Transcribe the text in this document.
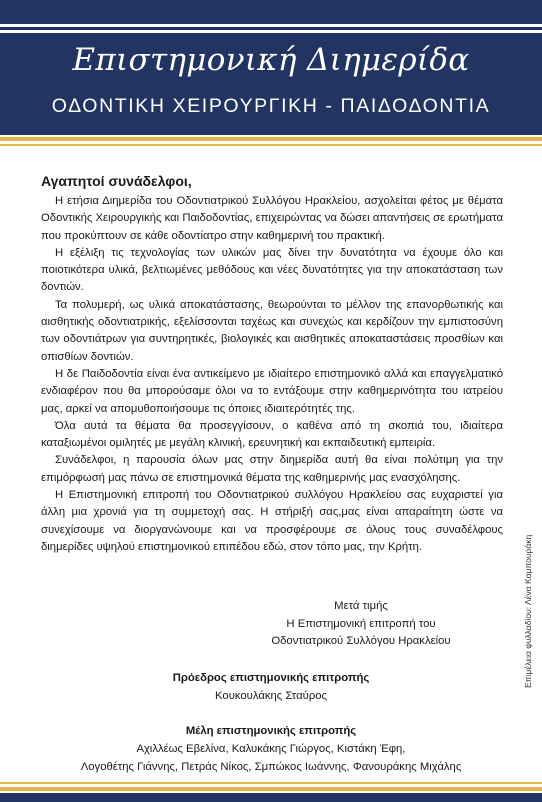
Επιστημονική Διημερίδα
ΟΔΟΝΤΙΚΗ ΧΕΙΡΟΥΡΓΙΚΗ - ΠΑΙΔΟΔΟΝΤΙΑ

Αγαπητοί συνάδελφοι,

Η ετήσια Διημερίδα του Οδοντιατρικού Συλλόγου Ηρακλείου, ασχολείται φέτος με θέματα Οδοντικής Χειρουργικής και Παιδοδοντίας, επιχειρώντας να δώσει απαντήσεις σε ερωτήματα που προκύπτουν σε κάθε οδοντίατρο στην καθημερινή του πρακτική.

Η εξέλιξη τις τεχνολογίας των υλικών μας δίνει την δυνατότητα να έχουμε όλο και ποιοτικότερα υλικά, βελτιωμένες μεθόδους και νέες δυνατότητες για την αποκατάσταση των δοντιών.

Τα πολυμερή, ως υλικά αποκατάστασης, θεωρούνται το μέλλον της επανορθωτικής και αισθητικής οδοντιατρικής, εξελίσσονται ταχέως και συνεχώς και κερδίζουν την εμπιστοσύνη των οδοντιάτρων για συντηρητικές, βιολογικές και αισθητικές αποκαταστάσεις προσθίων και οπισθίων δοντιών.

Η δε Παιδοδοντία είναι ένα αντικείμενο με ιδιαίτερο επιστημονικό αλλά και επαγγελματικό ενδιαφέρον που θα μπορούσαμε όλοι να το εντάξουμε στην καθημερινότητα του ιατρείου μας, αρκεί να απομυθοποιήσουμε τις όποιες ιδιαιτερότητές της.

Όλα αυτά τα θέματα θα προσεγγίσουν, ο καθένα από τη σκοπιά του, ιδιαίτερα καταξιωμένοι ομιλητές με μεγάλη κλινική, ερευνητική και εκπαιδευτική εμπειρία.

Συνάδελφοι, η παρουσία όλων μας στην διημερίδα αυτή θα είναι πολύτιμη για την επιμόρφωσή μας πάνω σε επιστημονικά θέματα της καθημερινής μας ενασχόλησης.

Η Επιστημονική επιτροπή του Οδοντιατρικού συλλόγου Ηρακλείου σας ευχαριστεί για άλλη μια χρονιά για τη συμμετοχή σας. Η στήριξή σας,μας είναι απαραίτητη ώστε να συνεχίσουμε να διοργανώνουμε και να προσφέρουμε σε όλους τους συναδέλφους διημερίδες υψηλού επιστημονικού επιπέδου εδώ, στον τόπο μας, την Κρήτη.

Μετά τιμής
Η Επιστημονική επιτροπή του
Οδοντιατρικού Συλλόγου Ηρακλείου
Πρόεδρος επιστημονικής επιτροπής
Κουκουλάκης Σταύρος
Μέλη επιστημονικής επιτροπής
Αχιλλέως Εβελίνα, Καλυκάκης Γιώργος, Κιστάκη Έφη,
Λογοθέτης Γιάννης, Πετράς Νίκος, Σμπώκος Ιωάννης, Φανουράκης Μιχάλης
Επιμέλεια φυλλαδίου: Λένα Καμπουράκη
